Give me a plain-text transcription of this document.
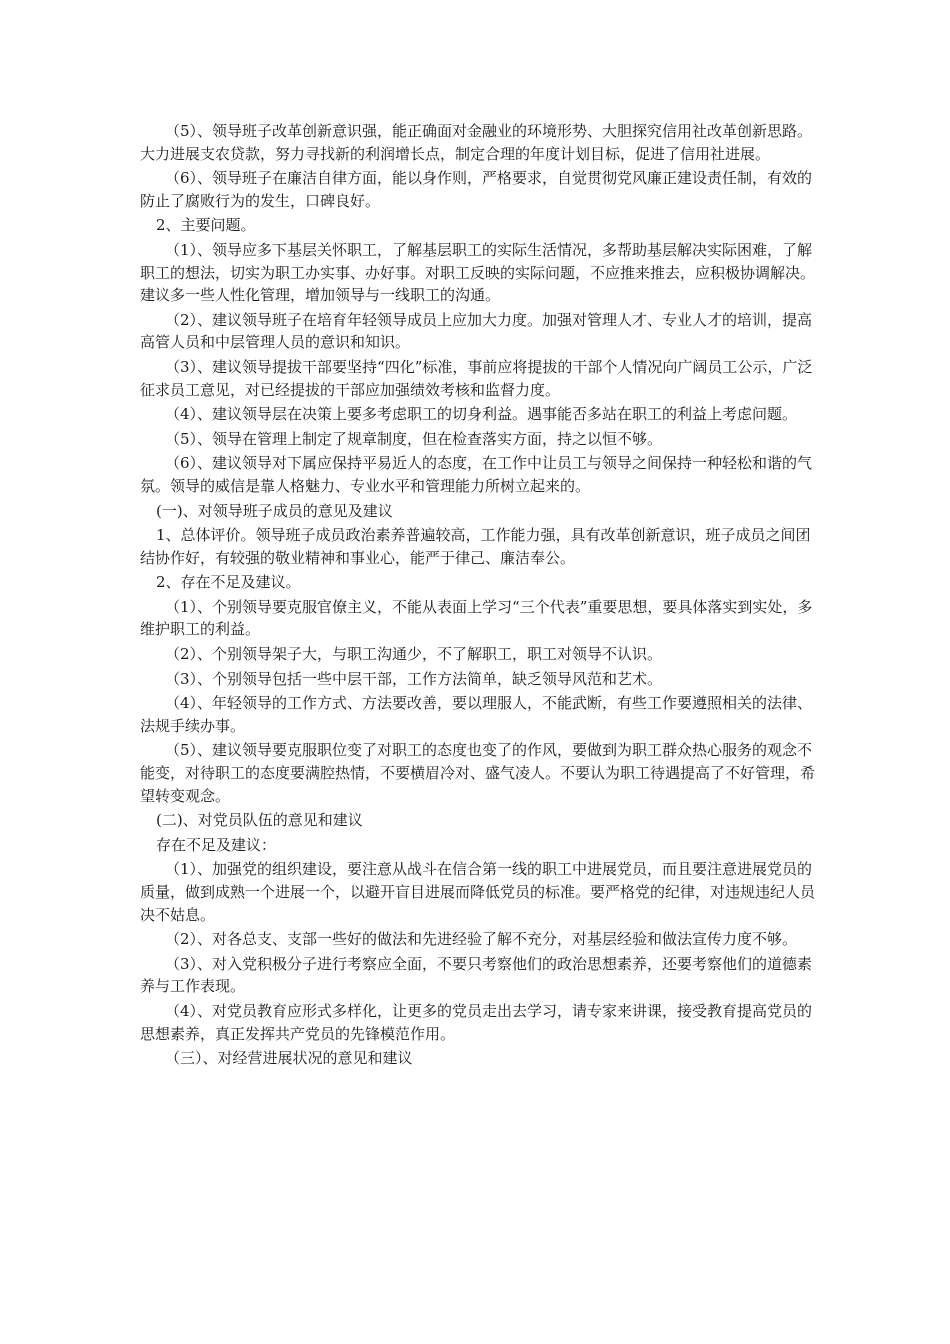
（5）、领导班子改革创新意识强，能正确面对金融业的环境形势、大胆探究信用社改革创新思路。大力进展支农贷款，努力寻找新的利润增长点，制定合理的年度计划目标，促进了信用社进展。

（6）、领导班子在廉洁自律方面，能以身作则，严格要求，自觉贯彻党风廉正建设责任制，有效的防止了腐败行为的发生，口碑良好。

2、主要问题。

（1）、领导应多下基层关怀职工，了解基层职工的实际生活情况，多帮助基层解决实际困难，了解职工的想法，切实为职工办实事、办好事。对职工反映的实际问题，不应推来推去，应积极协调解决。建议多一些人性化管理，增加领导与一线职工的沟通。

（2）、建议领导班子在培育年轻领导成员上应加大力度。加强对管理人才、专业人才的培训，提高高管人员和中层管理人员的意识和知识。

（3）、建议领导提拔干部要坚持“四化”标准，事前应将提拔的干部个人情况向广阔员工公示，广泛征求员工意见，对已经提拔的干部应加强绩效考核和监督力度。

（4）、建议领导层在决策上要多考虑职工的切身利益。遇事能否多站在职工的利益上考虑问题。

（5）、领导在管理上制定了规章制度，但在检查落实方面，持之以恒不够。

（6）、建议领导对下属应保持平易近人的态度，在工作中让员工与领导之间保持一种轻松和谐的气氛。领导的威信是靠人格魅力、专业水平和管理能力所树立起来的。

(一)、对领导班子成员的意见及建议

1、总体评价。领导班子成员政治素养普遍较高，工作能力强，具有改革创新意识，班子成员之间团结协作好，有较强的敬业精神和事业心，能严于律己、廉洁奉公。

2、存在不足及建议。

（1）、个别领导要克服官僚主义，不能从表面上学习“三个代表”重要思想，要具体落实到实处，多维护职工的利益。

（2）、个别领导架子大，与职工沟通少，不了解职工，职工对领导不认识。

（3）、个别领导包括一些中层干部，工作方法简单，缺乏领导风范和艺术。

（4）、年轻领导的工作方式、方法要改善，要以理服人，不能武断，有些工作要遵照相关的法律、法规手续办事。

（5）、建议领导要克服职位变了对职工的态度也变了的作风，要做到为职工群众热心服务的观念不能变，对待职工的态度要满腔热情，不要横眉冷对、盛气凌人。不要认为职工待遇提高了不好管理，希望转变观念。

(二)、对党员队伍的意见和建议

存在不足及建议：

（1）、加强党的组织建设，要注意从战斗在信合第一线的职工中进展党员，而且要注意进展党员的质量，做到成熟一个进展一个，以避开盲目进展而降低党员的标准。要严格党的纪律，对违规违纪人员决不姑息。

（2）、对各总支、支部一些好的做法和先进经验了解不充分，对基层经验和做法宣传力度不够。

（3）、对入党积极分子进行考察应全面，不要只考察他们的政治思想素养，还要考察他们的道德素养与工作表现。

（4）、对党员教育应形式多样化，让更多的党员走出去学习，请专家来讲课，接受教育提高党员的思想素养，真正发挥共产党员的先锋模范作用。

（三）、对经营进展状况的意见和建议
